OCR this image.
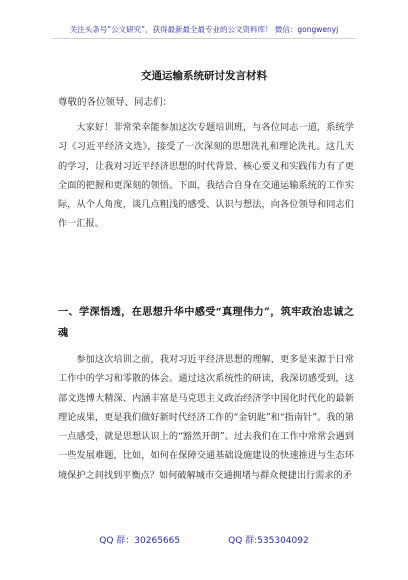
关注头条号“公文研究”，获得最新最全最专业的公文资料库！ 微信：gongwenyj
交通运输系统研讨发言材料
尊敬的各位领导、同志们：

大家好！非常荣幸能参加这次专题培训班，与各位同志一道，系统学习《习近平经济文选》，接受了一次深刻的思想洗礼和理论洗礼。这几天的学习，让我对习近平经济思想的时代背景、核心要义和实践伟力有了更全面的把握和更深刻的领悟。下面，我结合自身在交通运输系统的工作实际，从个人角度，谈几点粗浅的感受、认识与想法，向各位领导和同志们作一汇报。

一、学深悟透，在思想升华中感受“真理伟力”，筑牢政治忠诚之魂

参加这次培训之前，我对习近平经济思想的理解，更多是来源于日常工作中的学习和零散的体会。通过这次系统性的研读，我深切感受到，这部文选博大精深、内涵丰富是马克思主义政治经济学中国化时代化的最新理论成果，更是我们做好新时代经济工作的“金钥匙”和“指南针”。我的第一点感受，就是思想认识上的“豁然开朗”。过去我们在工作中常常会遇到一些发展难题，比如，如何在保障交通基础设施建设的快速推进与生态环境保护之间找到平衡点？如何破解城市交通拥堵与群众便捷出行需求的矛

QQ 群：30265665	QQ 群:535304092
